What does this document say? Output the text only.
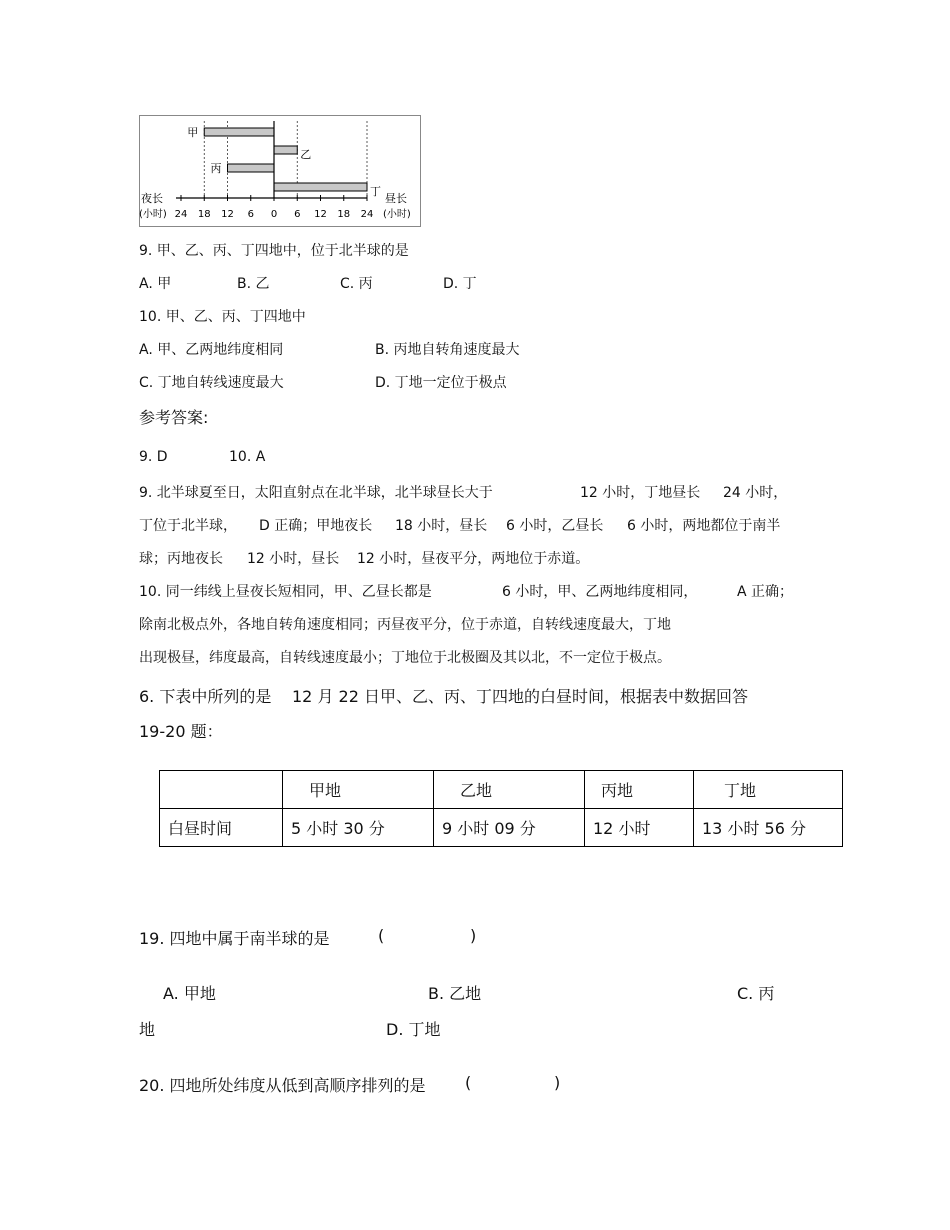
甲
乙
丙
丁
24 18 12 6 0 6 12 18 24
夜长
(小时)
昼长
(小时)
9. 甲、乙、丙、丁四地中，位于北半球的是
A. 甲	B. 乙	C. 丙	D. 丁
10. 甲、乙、丙、丁四地中
A. 甲、乙两地纬度相同	B. 丙地自转角速度最大
C. 丁地自转线速度最大	D. 丁地一定位于极点
参考答案:
9. D	10. A
9. 北半球夏至日，太阳直射点在北半球，北半球昼长大于	12 小时，丁地昼长 24 小时，
丁位于北半球， D 正确；甲地夜长 18 小时，昼长 6 小时，乙昼长 6 小时，两地都位于南半
球；丙地夜长 12 小时，昼长 12 小时，昼夜平分，两地位于赤道。
10. 同一纬线上昼夜长短相同，甲、乙昼长都是	6 小时，甲、乙两地纬度相同，	A 正确；
除南北极点外，各地自转角速度相同；丙昼夜平分，位于赤道，自转线速度最大，丁地
出现极昼，纬度最高，自转线速度最小；丁地位于北极圈及其以北，不一定位于极点。
6. 下表中所列的是 12 月 22 日甲、乙、丙、丁四地的白昼时间，根据表中数据回答
19-20 题：
	甲地	乙地	丙地	丁地
白昼时间	5 小时 30 分	9 小时 09 分	12 小时	13 小时 56 分
19. 四地中属于南半球的是	(	)
A. 甲地	B. 乙地	C. 丙
地	D. 丁地
20. 四地所处纬度从低到高顺序排列的是 (	)
